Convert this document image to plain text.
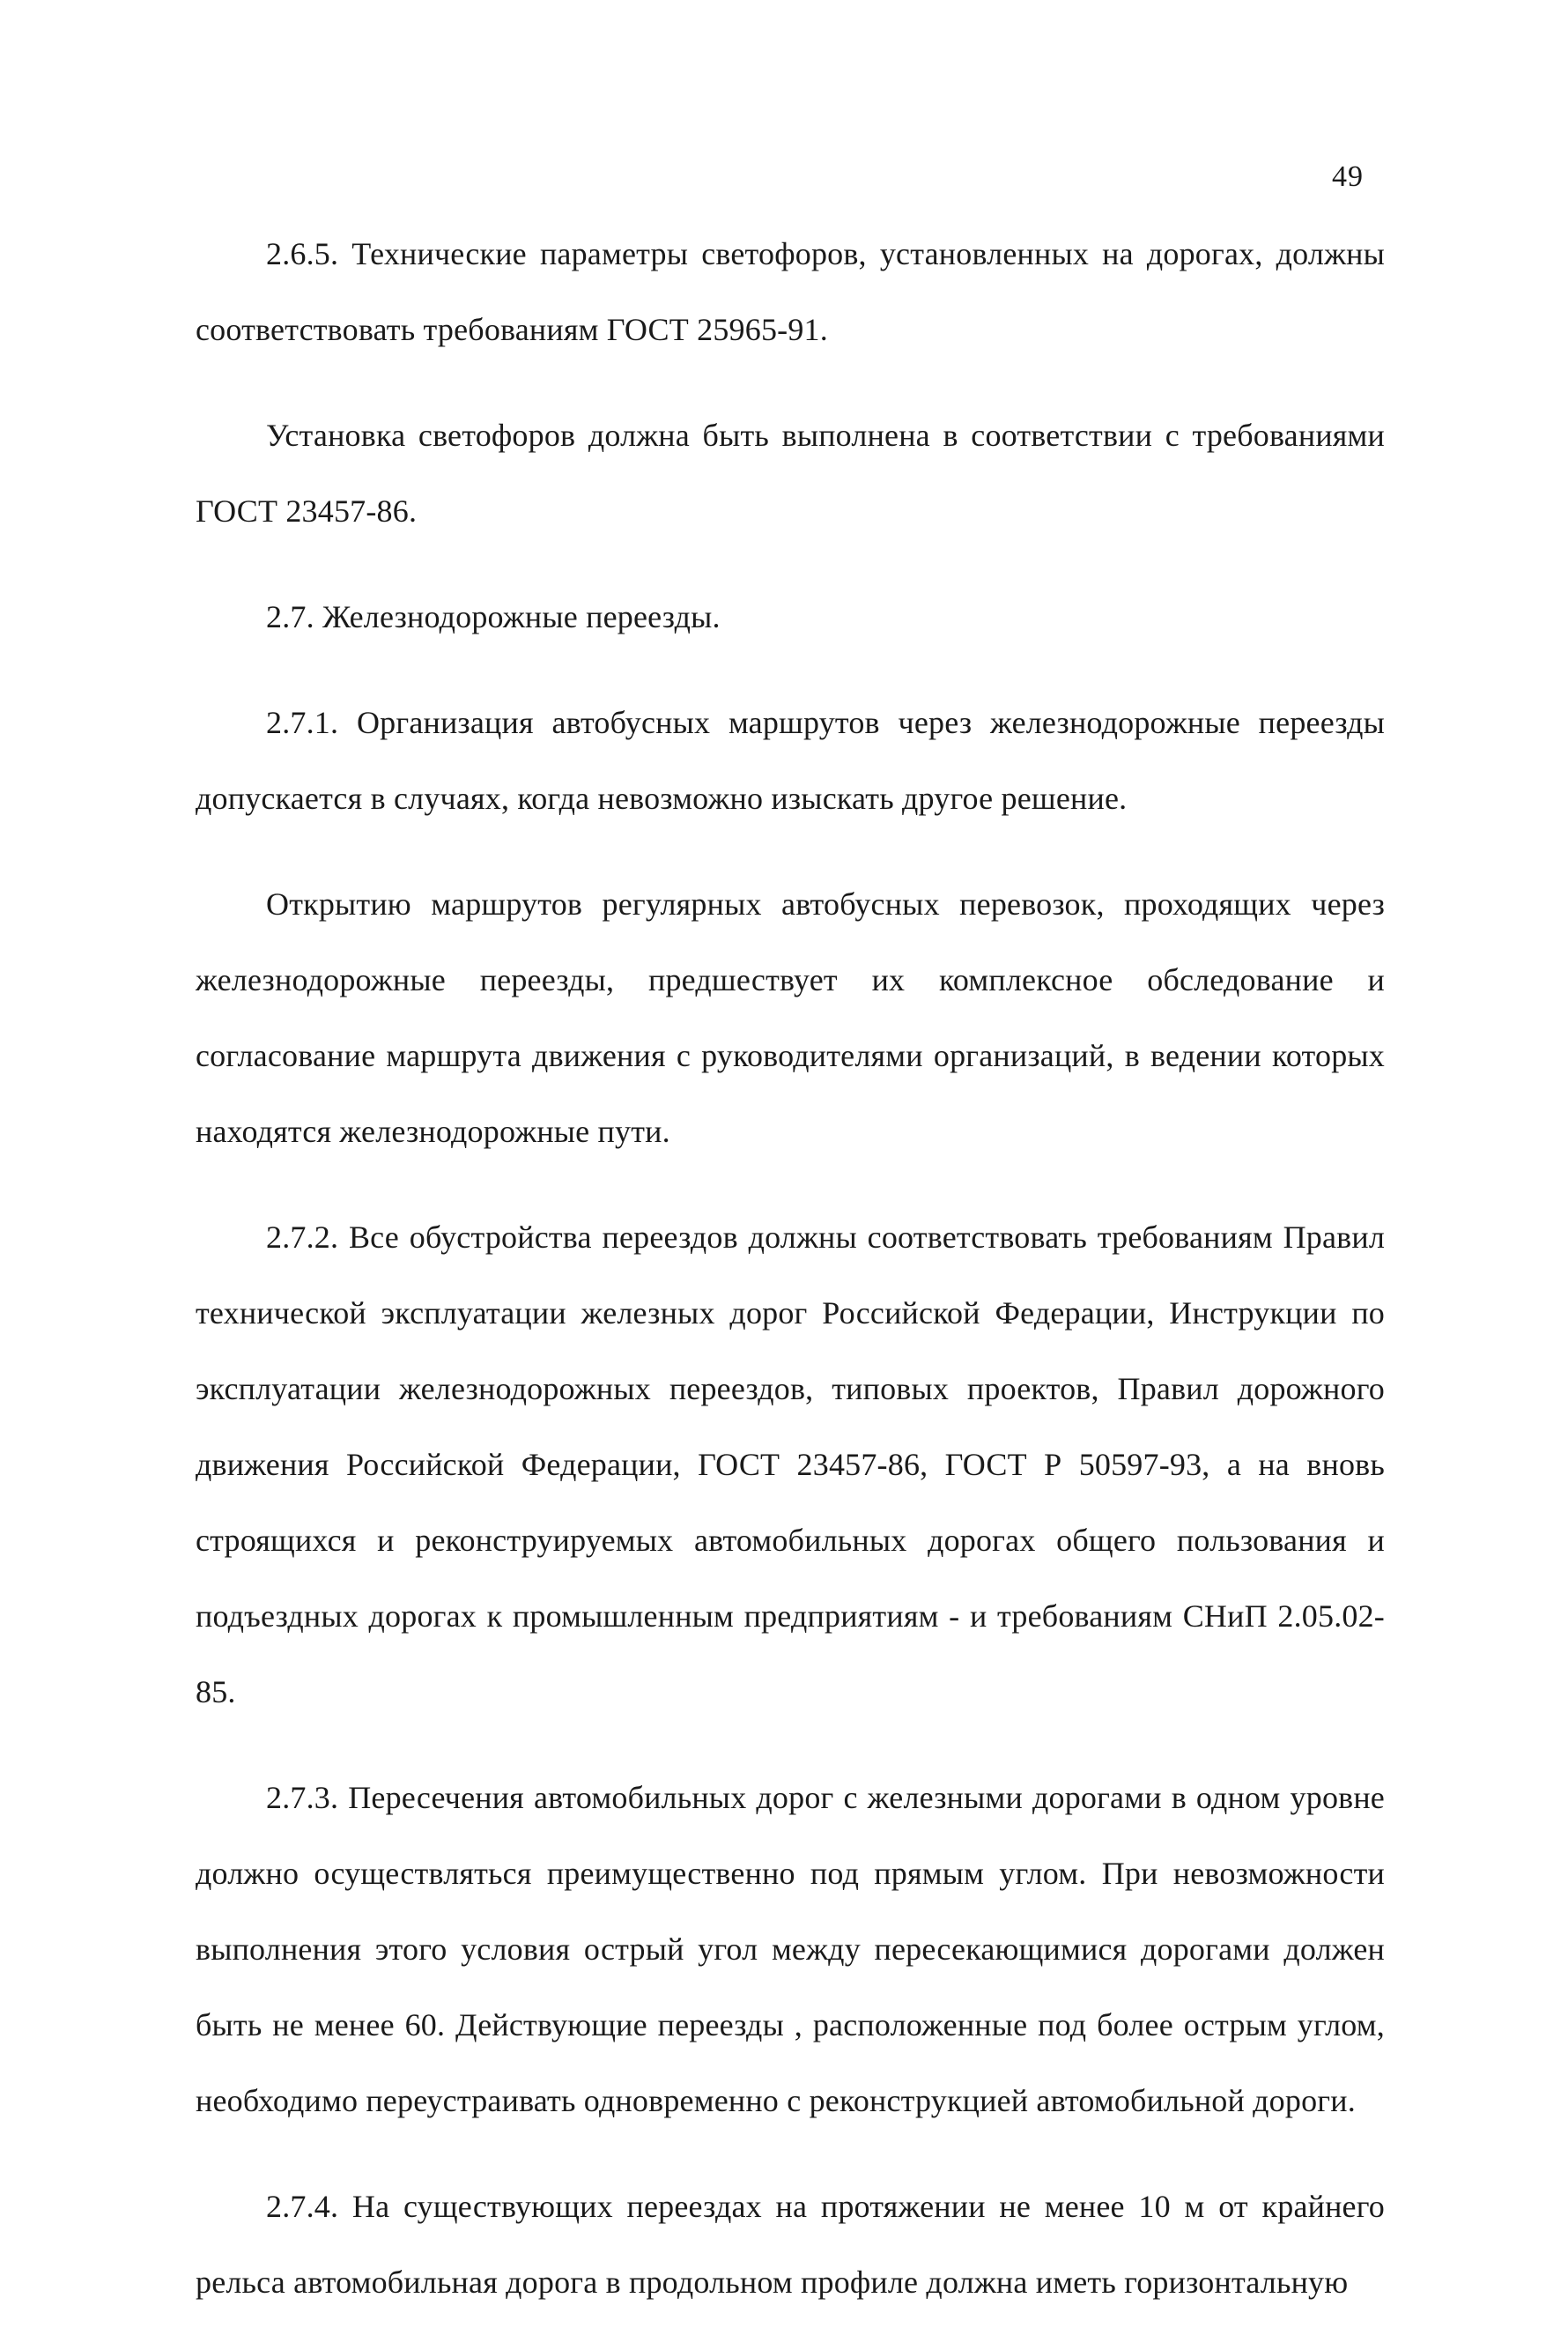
49

2.6.5. Технические параметры светофоров, установленных на дорогах, должны соответствовать требованиям ГОСТ 25965-91.

Установка светофоров должна быть выполнена в соответствии с требованиями ГОСТ 23457-86.

2.7. Железнодорожные переезды.

2.7.1. Организация автобусных маршрутов через железнодорожные переезды допускается в случаях, когда невозможно изыскать другое решение.

Открытию маршрутов регулярных автобусных перевозок, проходящих через железнодорожные переезды, предшествует их комплексное обследование и согласование маршрута движения с руководителями организаций, в ведении которых находятся железнодорожные пути.

2.7.2. Все обустройства переездов должны соответствовать требованиям Правил технической эксплуатации железных дорог Российской Федерации, Инструкции по эксплуатации железнодорожных переездов, типовых проектов, Правил дорожного движения Российской Федерации, ГОСТ 23457-86, ГОСТ Р 50597-93, а на вновь строящихся и реконструируемых автомобильных дорогах общего пользования и подъездных дорогах к промышленным предприятиям - и требованиям СНиП 2.05.02-85.

2.7.3. Пересечения автомобильных дорог с железными дорогами в одном уровне должно осуществляться преимущественно под прямым углом. При невозможности выполнения этого условия острый угол между пересекающимися дорогами должен быть не менее 60. Действующие переезды , расположенные под более острым углом, необходимо переустраивать одновременно с реконструкцией автомобильной дороги.

2.7.4. На существующих переездах на протяжении не менее 10 м от крайнего рельса автомобильная дорога в продольном профиле должна иметь горизонтальную
